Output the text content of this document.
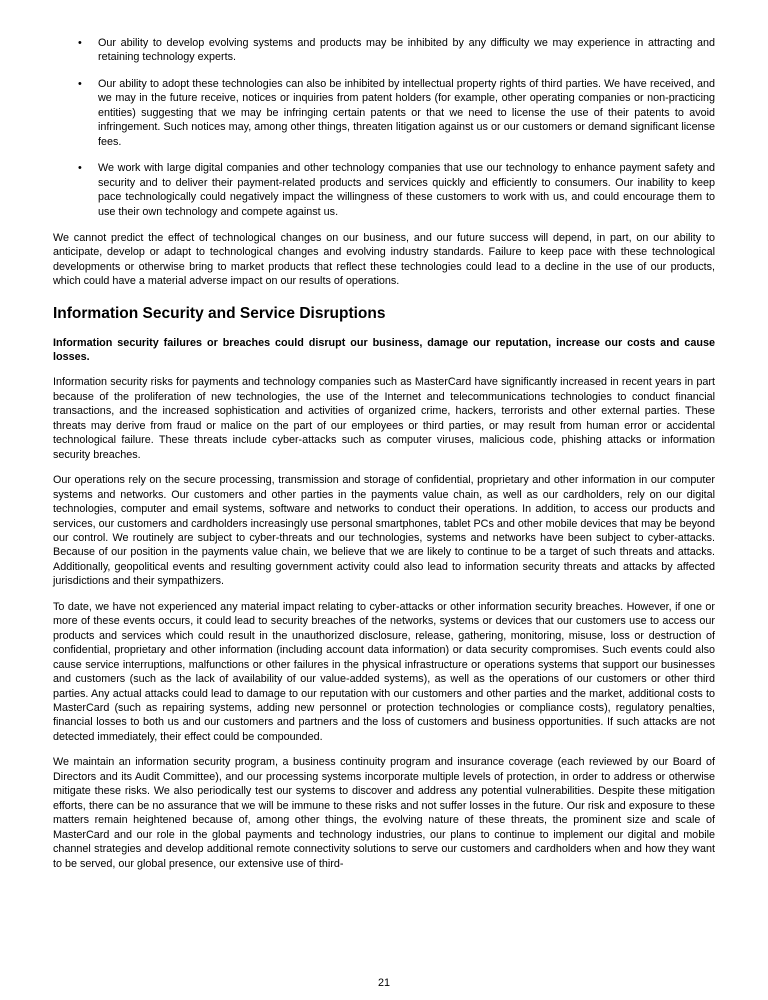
•	Our ability to develop evolving systems and products may be inhibited by any difficulty we may experience in attracting and retaining technology experts.
•	Our ability to adopt these technologies can also be inhibited by intellectual property rights of third parties. We have received, and we may in the future receive, notices or inquiries from patent holders (for example, other operating companies or non-practicing entities) suggesting that we may be infringing certain patents or that we need to license the use of their patents to avoid infringement. Such notices may, among other things, threaten litigation against us or our customers or demand significant license fees.
•	We work with large digital companies and other technology companies that use our technology to enhance payment safety and security and to deliver their payment-related products and services quickly and efficiently to consumers. Our inability to keep pace technologically could negatively impact the willingness of these customers to work with us, and could encourage them to use their own technology and compete against us.

We cannot predict the effect of technological changes on our business, and our future success will depend, in part, on our ability to anticipate, develop or adapt to technological changes and evolving industry standards. Failure to keep pace with these technological developments or otherwise bring to market products that reflect these technologies could lead to a decline in the use of our products, which could have a material adverse impact on our results of operations.

Information Security and Service Disruptions

Information security failures or breaches could disrupt our business, damage our reputation, increase our costs and cause losses.

Information security risks for payments and technology companies such as MasterCard have significantly increased in recent years in part because of the proliferation of new technologies, the use of the Internet and telecommunications technologies to conduct financial transactions, and the increased sophistication and activities of organized crime, hackers, terrorists and other external parties. These threats may derive from fraud or malice on the part of our employees or third parties, or may result from human error or accidental technological failure. These threats include cyber-attacks such as computer viruses, malicious code, phishing attacks or information security breaches.

Our operations rely on the secure processing, transmission and storage of confidential, proprietary and other information in our computer systems and networks. Our customers and other parties in the payments value chain, as well as our cardholders, rely on our digital technologies, computer and email systems, software and networks to conduct their operations. In addition, to access our products and services, our customers and cardholders increasingly use personal smartphones, tablet PCs and other mobile devices that may be beyond our control. We routinely are subject to cyber-threats and our technologies, systems and networks have been subject to cyber-attacks. Because of our position in the payments value chain, we believe that we are likely to continue to be a target of such threats and attacks. Additionally, geopolitical events and resulting government activity could also lead to information security threats and attacks by affected jurisdictions and their sympathizers.

To date, we have not experienced any material impact relating to cyber-attacks or other information security breaches. However, if one or more of these events occurs, it could lead to security breaches of the networks, systems or devices that our customers use to access our products and services which could result in the unauthorized disclosure, release, gathering, monitoring, misuse, loss or destruction of confidential, proprietary and other information (including account data information) or data security compromises. Such events could also cause service interruptions, malfunctions or other failures in the physical infrastructure or operations systems that support our businesses and customers (such as the lack of availability of our value-added systems), as well as the operations of our customers or other third parties. Any actual attacks could lead to damage to our reputation with our customers and other parties and the market, additional costs to MasterCard (such as repairing systems, adding new personnel or protection technologies or compliance costs), regulatory penalties, financial losses to both us and our customers and partners and the loss of customers and business opportunities. If such attacks are not detected immediately, their effect could be compounded.

We maintain an information security program, a business continuity program and insurance coverage (each reviewed by our Board of Directors and its Audit Committee), and our processing systems incorporate multiple levels of protection, in order to address or otherwise mitigate these risks. We also periodically test our systems to discover and address any potential vulnerabilities. Despite these mitigation efforts, there can be no assurance that we will be immune to these risks and not suffer losses in the future. Our risk and exposure to these matters remain heightened because of, among other things, the evolving nature of these threats, the prominent size and scale of MasterCard and our role in the global payments and technology industries, our plans to continue to implement our digital and mobile channel strategies and develop additional remote connectivity solutions to serve our customers and cardholders when and how they want to be served, our global presence, our extensive use of third-

21
